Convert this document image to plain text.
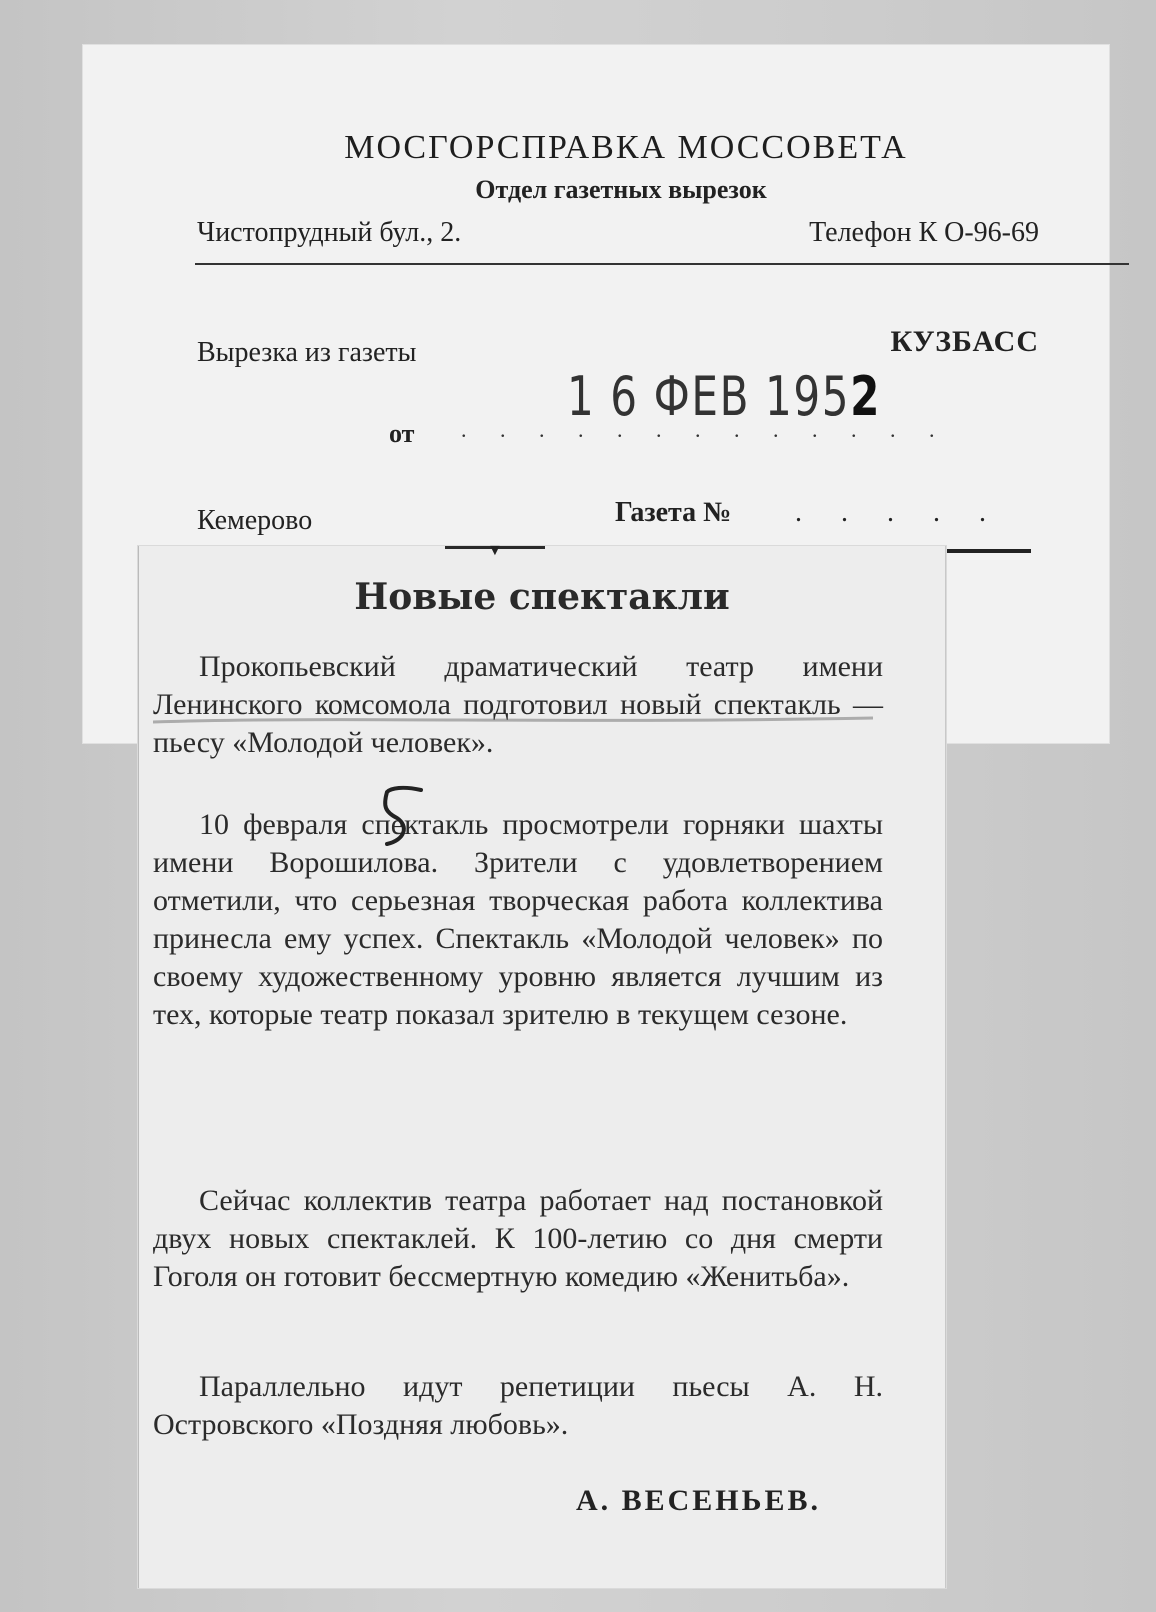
МОСГОРСПРАВКА МОССОВЕТА
Отдел газетных вырезок
Чистопрудный бул., 2.	Телефон К О-96-69
Вырезка из газеты	КУЗБАСС
1 6 ФЕВ 1952
от . . . . . . . . . . . . .
Кемерово	Газета № . . . . .
▼
Новые спектакли
Прокопьевский драматический театр имени Ленинского комсомола подготовил новый спектакль — пьесу «Молодой человек».
10 февраля спектакль просмотрели горняки шахты имени Ворошилова. Зрители с удовлетворением отметили, что серьезная творческая работа коллектива принесла ему успех. Спектакль «Молодой человек» по своему художественному уровню является лучшим из тех, которые театр показал зрителю в текущем сезоне.
Сейчас коллектив театра работает над постановкой двух новых спектаклей. К 100-летию со дня смерти Гоголя он готовит бессмертную комедию «Женитьба».
Параллельно идут репетиции пьесы А. Н. Островского «Поздняя любовь».
А. ВЕСЕНЬЕВ.
